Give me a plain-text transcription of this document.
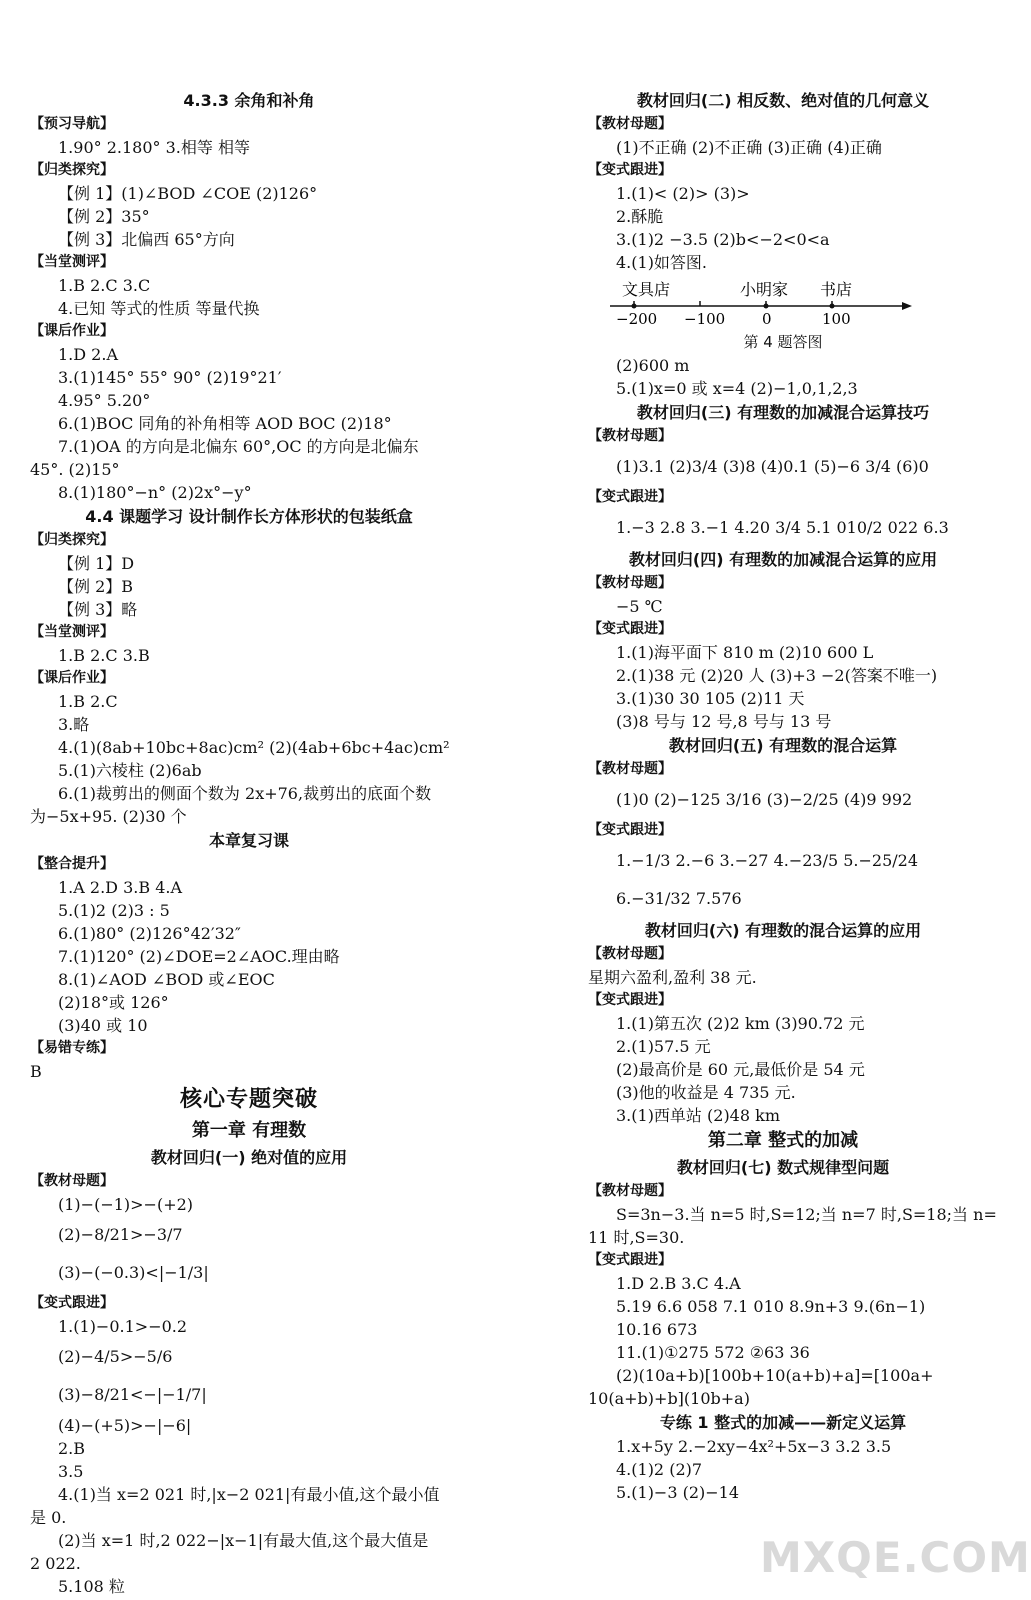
4.3.3 余角和补角
【预习导航】
1.90° 2.180° 3.相等 相等
【归类探究】
【例 1】(1)∠BOD ∠COE (2)126°
【例 2】35°
【例 3】北偏西 65°方向
【当堂测评】
1.B 2.C 3.C
4.已知 等式的性质 等量代换
【课后作业】
1.D 2.A
3.(1)145° 55° 90° (2)19°21′
4.95° 5.20°
6.(1)BOC 同角的补角相等 AOD BOC (2)18°
7.(1)OA 的方向是北偏东 60°,OC 的方向是北偏东
45°. (2)15°
8.(1)180°−n° (2)2x°−y°
4.4 课题学习 设计制作长方体形状的包装纸盒
【归类探究】
【例 1】D
【例 2】B
【例 3】略
【当堂测评】
1.B 2.C 3.B
【课后作业】
1.B 2.C
3.略
4.(1)(8ab+10bc+8ac)cm² (2)(4ab+6bc+4ac)cm²
5.(1)六棱柱 (2)6ab
6.(1)裁剪出的侧面个数为 2x+76,裁剪出的底面个数
为−5x+95. (2)30 个
本章复习课
【整合提升】
1.A 2.D 3.B 4.A
5.(1)2 (2)3 : 5
6.(1)80° (2)126°42′32″
7.(1)120° (2)∠DOE=2∠AOC.理由略
8.(1)∠AOD ∠BOD 或∠EOC
(2)18°或 126°
(3)40 或 10
【易错专练】
B
核心专题突破
第一章 有理数
教材回归(一) 绝对值的应用
【教材母题】
(1)−(−1)>−(+2)
(2)−8/21>−3/7
(3)−(−0.3)<|−1/3|
【变式跟进】
1.(1)−0.1>−0.2
(2)−4/5>−5/6
(3)−8/21<−|−1/7|
(4)−(+5)>−|−6|
2.B
3.5
4.(1)当 x=2 021 时,|x−2 021|有最小值,这个最小值
是 0.
(2)当 x=1 时,2 022−|x−1|有最大值,这个最大值是
2 022.
5.108 粒
教材回归(二) 相反数、绝对值的几何意义
【教材母题】
(1)不正确 (2)不正确 (3)正确 (4)正确
【变式跟进】
1.(1)< (2)> (3)>
2.酥脆
3.(1)2 −3.5 (2)b<−2<0<a
4.(1)如答图.
文具店	小明家 书店
−200 −100 0	100
第 4 题答图
(2)600 m
5.(1)x=0 或 x=4 (2)−1,0,1,2,3
教材回归(三) 有理数的加减混合运算技巧
【教材母题】
(1)3.1 (2)3/4 (3)8 (4)0.1 (5)−6 3/4 (6)0
【变式跟进】
1.−3 2.8 3.−1 4.20 3/4 5.1 010/2 022 6.3
教材回归(四) 有理数的加减混合运算的应用
【教材母题】
−5 ℃
【变式跟进】
1.(1)海平面下 810 m (2)10 600 L
2.(1)38 元 (2)20 人 (3)+3 −2(答案不唯一)
3.(1)30 30 105 (2)11 天
(3)8 号与 12 号,8 号与 13 号
教材回归(五) 有理数的混合运算
【教材母题】
(1)0 (2)−125 3/16 (3)−2/25 (4)9 992
【变式跟进】
1.−1/3 2.−6 3.−27 4.−23/5 5.−25/24
6.−31/32 7.576
教材回归(六) 有理数的混合运算的应用
【教材母题】
星期六盈利,盈利 38 元.
【变式跟进】
1.(1)第五次 (2)2 km (3)90.72 元
2.(1)57.5 元
(2)最高价是 60 元,最低价是 54 元
(3)他的收益是 4 735 元.
3.(1)西单站 (2)48 km
第二章 整式的加减
教材回归(七) 数式规律型问题
【教材母题】
S=3n−3.当 n=5 时,S=12;当 n=7 时,S=18;当 n=
11 时,S=30.
【变式跟进】
1.D 2.B 3.C 4.A
5.19 6.6 058 7.1 010 8.9n+3 9.(6n−1)
10.16 673
11.(1)①275 572 ②63 36
(2)(10a+b)[100b+10(a+b)+a]=[100a+
10(a+b)+b](10b+a)
专练 1 整式的加减——新定义运算
1.x+5y 2.−2xy−4x²+5x−3 3.2 3.5
4.(1)2 (2)7
5.(1)−3 (2)−14
MXQE.COM
